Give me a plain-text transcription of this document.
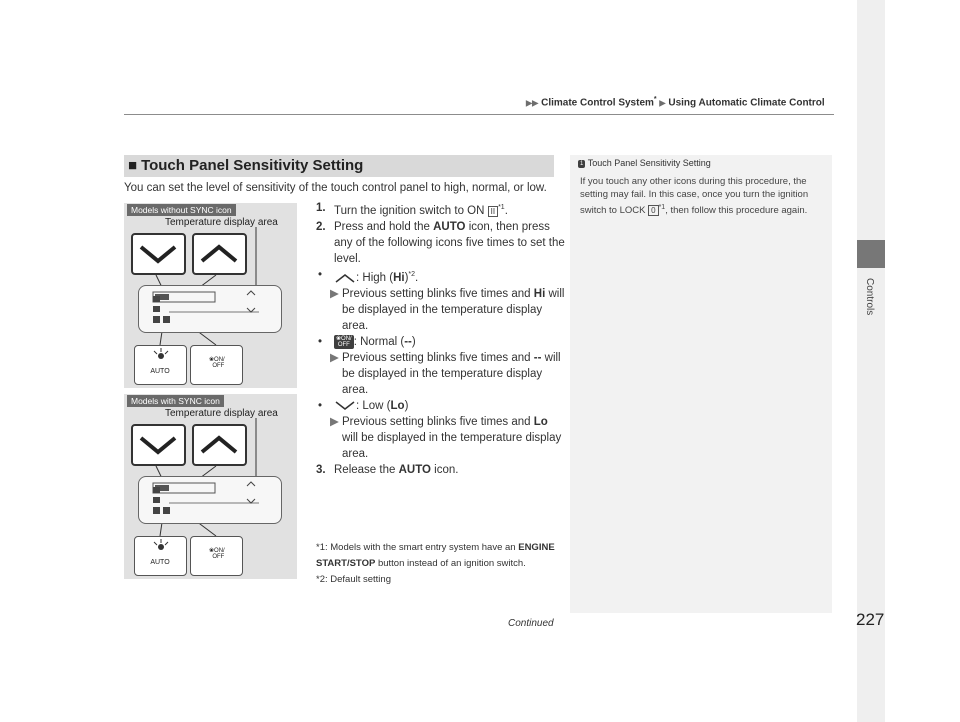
▶▶ Climate Control System* ▶ Using Automatic Climate Control
Controls
227
Continued
■ Touch Panel Sensitivity Setting
You can set the level of sensitivity of the touch control panel to high, normal, or low.
1 Touch Panel Sensitivity Setting
If you touch any other icons during this procedure, the setting may fail. In this case, once you turn the ignition switch to LOCK 0 $^{*1}$, then follow this procedure again.
Models without SYNC icon
Temperature display area
AUTO
❀ON/
OFF
Models with SYNC icon
Temperature display area
AUTO
❀ON/
OFF
1. Turn the ignition switch to ON II $^{*1}$.
2. Press and hold the AUTO icon, then press any of the following icons five times to set the level.
•	: High $(Hi)^{*2}$.
▶ Previous setting blinks five times and Hi will be displayed in the temperature display area.
• ❀ON/
OFF : Normal (--)
▶ Previous setting blinks five times and -- will be displayed in the temperature display area.
•	: Low (Lo)
▶ Previous setting blinks five times and Lo will be displayed in the temperature display area.
3. Release the AUTO icon.
*1: Models with the smart entry system have an ENGINE START/STOP button instead of an ignition switch.
*2: Default setting
